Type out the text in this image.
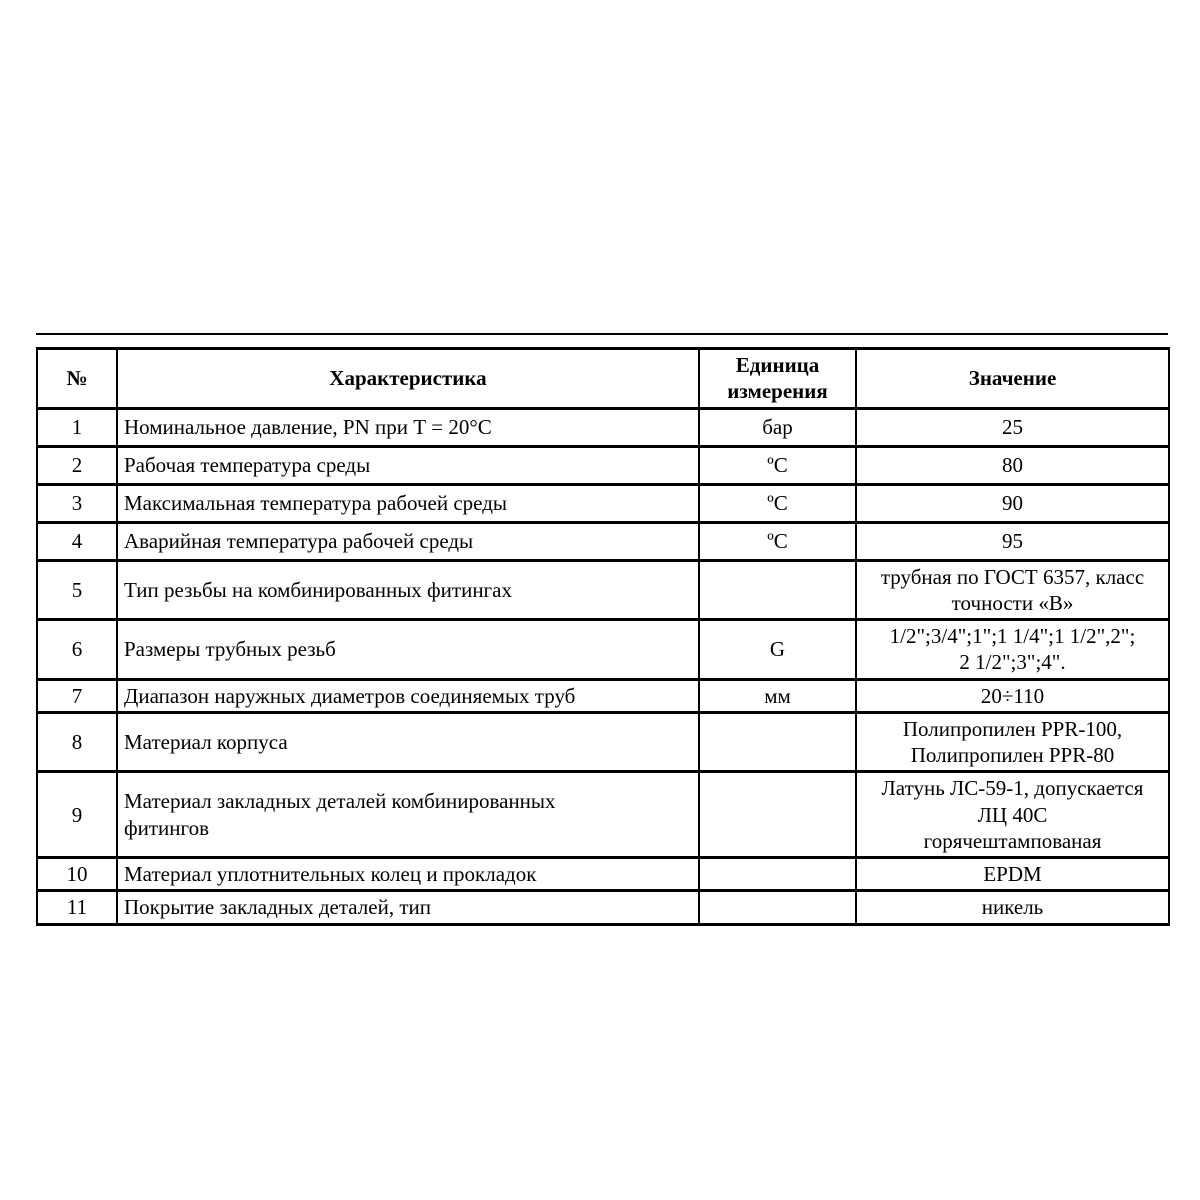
№	Характеристика	Единица
измерения	Значение
1	Номинальное давление, PN при Т = 20°С	бар	25
2	Рабочая температура среды	ºС	80
3	Максимальная температура рабочей среды	ºС	90
4	Аварийная температура рабочей среды	ºС	95
5	Тип резьбы на комбинированных фитингах		трубная по ГОСТ 6357, класс
точности «В»
6	Размеры трубных резьб	G	1/2";3/4";1";1 1/4";1 1/2",2";
2 1/2";3";4".
7	Диапазон наружных диаметров соединяемых труб	мм	20÷110
8	Материал корпуса		Полипропилен PPR-100,
Полипропилен PPR-80
9	Материал закладных деталей комбинированных
фитингов		Латунь ЛС-59-1, допускается
ЛЦ 40С
горячештампованая
10	Материал уплотнительных колец и прокладок		EPDM
11	Покрытие закладных деталей, тип		никель
